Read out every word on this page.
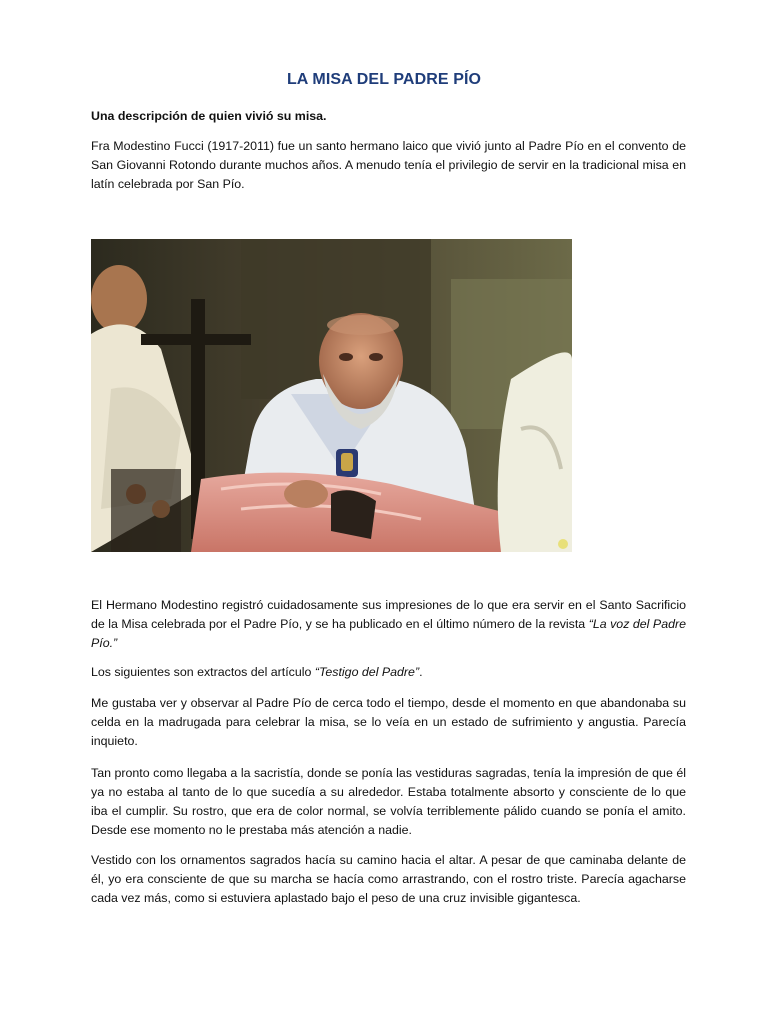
LA MISA DEL PADRE PÍO
Una descripción de quien vivió su misa.
Fra Modestino Fucci (1917-2011) fue un santo hermano laico que vivió junto al Padre Pío en el convento de San Giovanni Rotondo durante muchos años. A menudo tenía el privilegio de servir en la tradicional misa en latín celebrada por San Pío.
El Hermano Modestino registró cuidadosamente sus impresiones de lo que era servir en el Santo Sacrificio de la Misa celebrada por el Padre Pío, y se ha publicado en el último número de la revista “La voz del Padre Pío.”
Los siguientes son extractos del artículo “Testigo del Padre”.
Me gustaba ver y observar al Padre Pío de cerca todo el tiempo, desde el momento en que abandonaba su celda en la madrugada para celebrar la misa, se lo veía en un estado de sufrimiento y angustia. Parecía inquieto.
Tan pronto como llegaba a la sacristía, donde se ponía las vestiduras sagradas, tenía la impresión de que él ya no estaba al tanto de lo que sucedía a su alrededor. Estaba totalmente absorto y consciente de lo que iba el cumplir. Su rostro, que era de color normal, se volvía terriblemente pálido cuando se ponía el amito. Desde ese momento no le prestaba más atención a nadie.
Vestido con los ornamentos sagrados hacía su camino hacia el altar. A pesar de que caminaba delante de él, yo era consciente de que su marcha se hacía como arrastrando, con el rostro triste. Parecía agacharse cada vez más, como si estuviera aplastado bajo el peso de una cruz invisible gigantesca.
